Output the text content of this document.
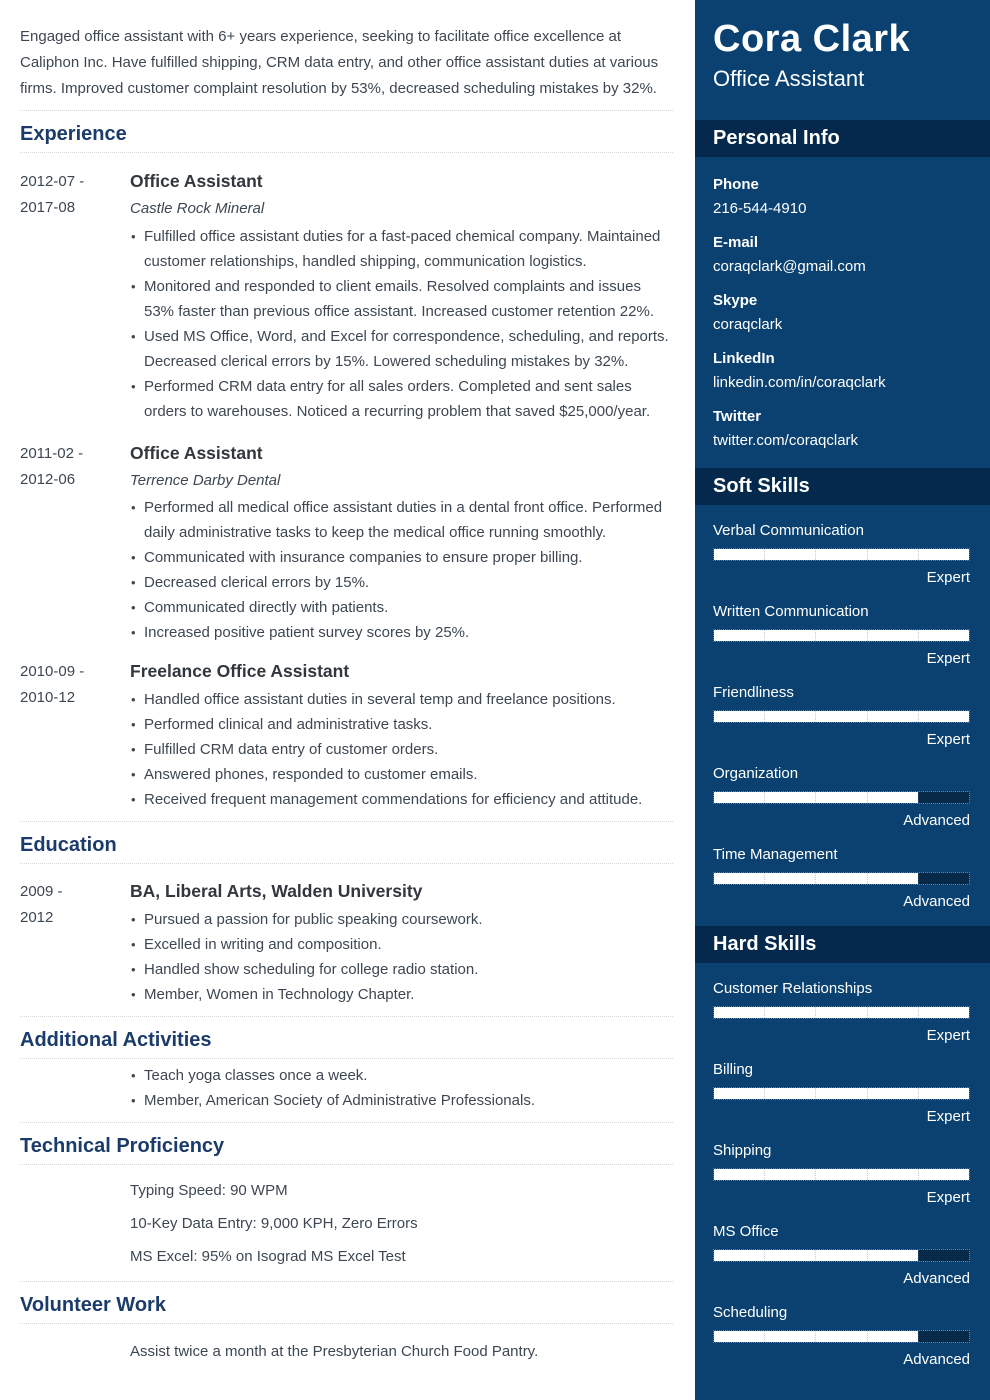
Engaged office assistant with 6+ years experience, seeking to facilitate office excellence at Caliphon Inc. Have fulfilled shipping, CRM data entry, and other office assistant duties at various firms. Improved customer complaint resolution by 53%, decreased scheduling mistakes by 32%.

Experience
2012-07 -
2017-08
Office Assistant
Castle Rock Mineral
• Fulfilled office assistant duties for a fast-paced chemical company. Maintained customer relationships, handled shipping, communication logistics.
• Monitored and responded to client emails. Resolved complaints and issues 53% faster than previous office assistant. Increased customer retention 22%.
• Used MS Office, Word, and Excel for correspondence, scheduling, and reports. Decreased clerical errors by 15%. Lowered scheduling mistakes by 32%.
• Performed CRM data entry for all sales orders. Completed and sent sales orders to warehouses. Noticed a recurring problem that saved $25,000/year.
2011-02 -
2012-06
Office Assistant
Terrence Darby Dental
• Performed all medical office assistant duties in a dental front office. Performed daily administrative tasks to keep the medical office running smoothly.
• Communicated with insurance companies to ensure proper billing.
• Decreased clerical errors by 15%.
• Communicated directly with patients.
• Increased positive patient survey scores by 25%.
2010-09 -
2010-12
Freelance Office Assistant
• Handled office assistant duties in several temp and freelance positions.
• Performed clinical and administrative tasks.
• Fulfilled CRM data entry of customer orders.
• Answered phones, responded to customer emails.
• Received frequent management commendations for efficiency and attitude.
Education
2009 -
2012
BA, Liberal Arts, Walden University
• Pursued a passion for public speaking coursework.
• Excelled in writing and composition.
• Handled show scheduling for college radio station.
• Member, Women in Technology Chapter.
Additional Activities
• Teach yoga classes once a week.
• Member, American Society of Administrative Professionals.
Technical Proficiency
Typing Speed: 90 WPM
10-Key Data Entry: 9,000 KPH, Zero Errors
MS Excel: 95% on Isograd MS Excel Test
Volunteer Work
Assist twice a month at the Presbyterian Church Food Pantry.
Cora Clark
Office Assistant
Personal Info
Phone
216-544-4910
E-mail
coraqclark@gmail.com
Skype
coraqclark
LinkedIn
linkedin.com/in/coraqclark
Twitter
twitter.com/coraqclark
Soft Skills
Verbal Communication
Expert
Written Communication
Expert
Friendliness
Expert
Organization
Advanced
Time Management
Advanced
Hard Skills
Customer Relationships
Expert
Billing
Expert
Shipping
Expert
MS Office
Advanced
Scheduling
Advanced
